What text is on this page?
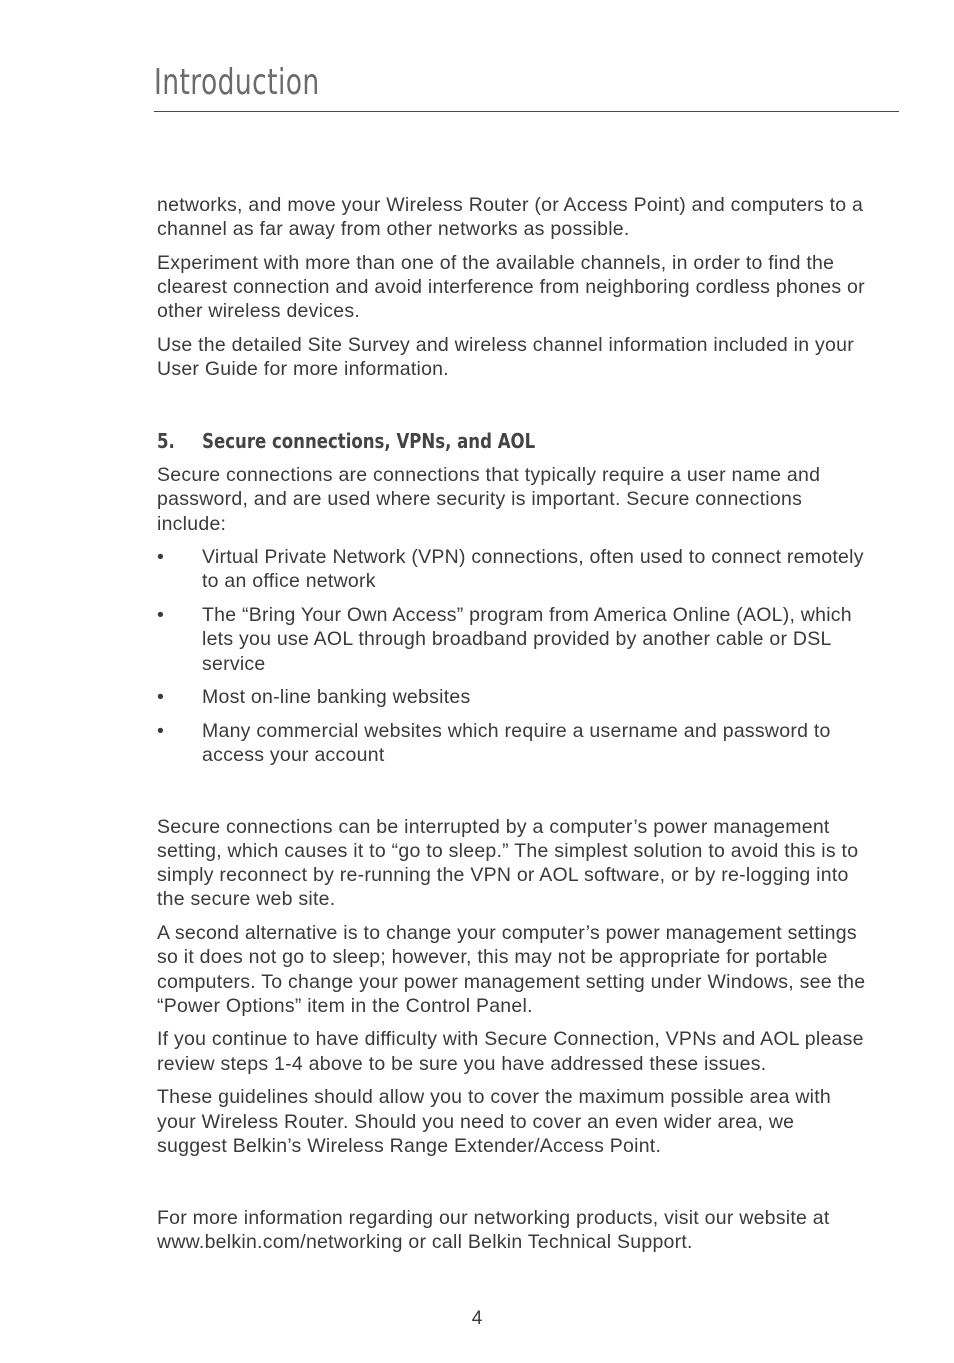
Introduction

networks, and move your Wireless Router (or Access Point) and computers to a channel as far away from other networks as possible.

Experiment with more than one of the available channels, in order to find the clearest connection and avoid interference from neighboring cordless phones or other wireless devices.

Use the detailed Site Survey and wireless channel information included in your User Guide for more information.

5.	Secure connections, VPNs, and AOL

Secure connections are connections that typically require a user name and password, and are used where security is important. Secure connections include:

•	Virtual Private Network (VPN) connections, often used to connect remotely to an office network
•	The “Bring Your Own Access” program from America Online (AOL), which lets you use AOL through broadband provided by another cable or DSL service
•	Most on-line banking websites
•	Many commercial websites which require a username and password to access your account

Secure connections can be interrupted by a computer’s power management setting, which causes it to “go to sleep.” The simplest solution to avoid this is to simply reconnect by re-running the VPN or AOL software, or by re-logging into the secure web site.

A second alternative is to change your computer’s power management settings so it does not go to sleep; however, this may not be appropriate for portable computers. To change your power management setting under Windows, see the “Power Options” item in the Control Panel.

If you continue to have difficulty with Secure Connection, VPNs and AOL please review steps 1-4 above to be sure you have addressed these issues.

These guidelines should allow you to cover the maximum possible area with your Wireless Router. Should you need to cover an even wider area, we suggest Belkin’s Wireless Range Extender/Access Point.

For more information regarding our networking products, visit our website at www.belkin.com/networking or call Belkin Technical Support.

4
